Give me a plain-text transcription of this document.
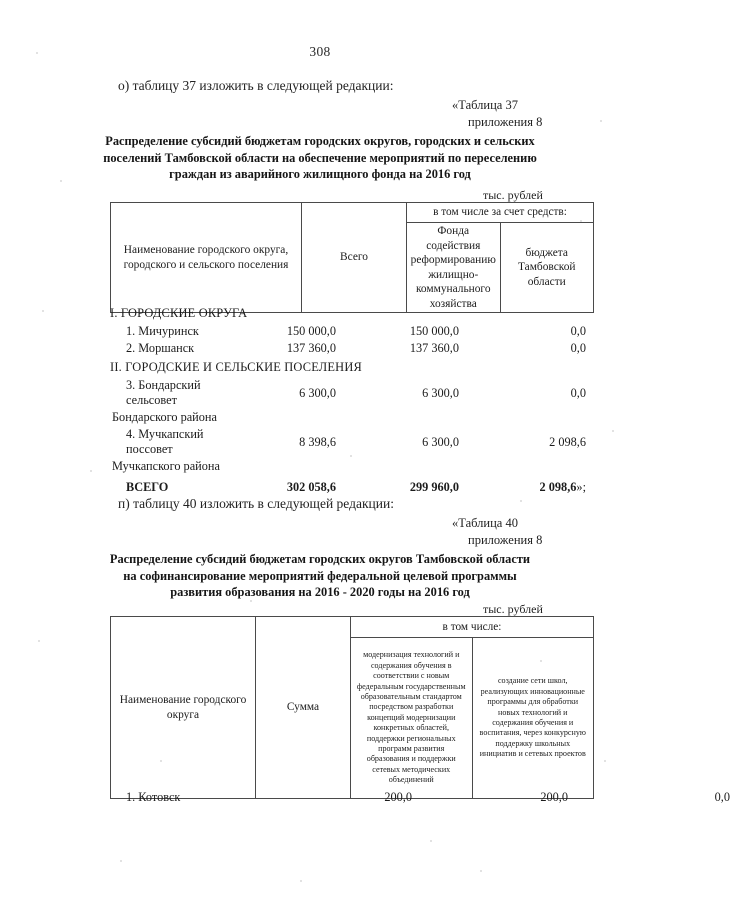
308
о) таблицу 37 изложить в следующей редакции:
«Таблица 37
приложения 8
Распределение субсидий бюджетам городских округов, городских и сельских
поселений Тамбовской области на обеспечение мероприятий по переселению
граждан из аварийного жилищного фонда на 2016 год
тыс. рублей
Наименование городского округа, городского и сельского поселения	Всего	в том числе за счет средств:	
		Фонда содействия реформированию жилищно-коммунального хозяйства	бюджета Тамбовской области
I. ГОРОДСКИЕ ОКРУГА			
1. Мичуринск	150 000,0	150 000,0	0,0
2. Моршанск	137 360,0	137 360,0	0,0
II. ГОРОДСКИЕ И СЕЛЬСКИЕ ПОСЕЛЕНИЯ			
3. Бондарский сельсовет	6 300,0	6 300,0	0,0
Бондарского района			
4. Мучкапский поссовет	8 398,6	6 300,0	2 098,6
Мучкапского района			
ВСЕГО	302 058,6	299 960,0	2 098,6»;
п) таблицу 40 изложить в следующей редакции:
«Таблица 40
приложения 8
Распределение субсидий бюджетам городских округов Тамбовской области
на софинансирование мероприятий федеральной целевой программы
развития образования на 2016 - 2020 годы на 2016 год
тыс. рублей
Наименование городского округа	Сумма	в том числе:	
		модернизация технологий и содержания обучения в соответствии с новым федеральным государственным образовательным стандартом посредством разработки концепций модернизации конкретных областей, поддержки региональных программ развития образования и поддержки сетевых методических объединений	создание сети школ, реализующих инновационные программы для обработки новых технологий и содержания обучения и воспитания, через конкурсную поддержку школьных инициатив и сетевых проектов
1. Котовск	200,0	200,0	0,0
